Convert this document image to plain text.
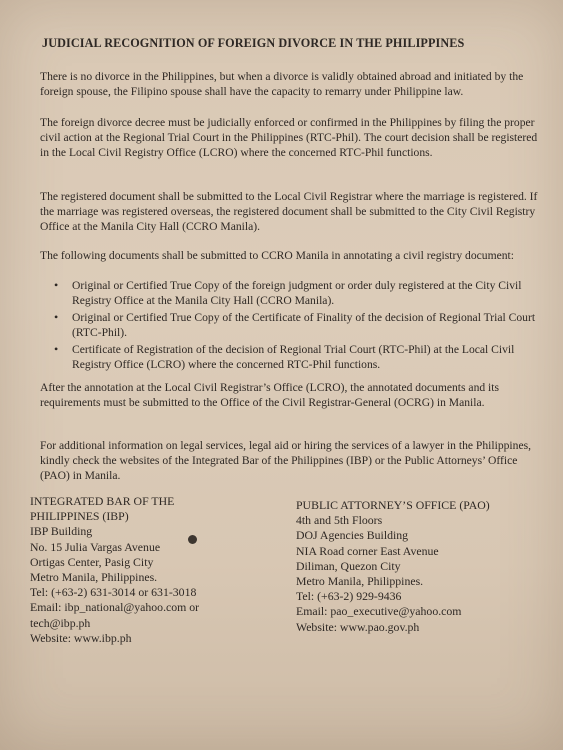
JUDICIAL RECOGNITION OF FOREIGN DIVORCE IN THE PHILIPPINES
There is no divorce in the Philippines, but when a divorce is validly obtained abroad and initiated by the foreign spouse, the Filipino spouse shall have the capacity to remarry under Philippine law.
The foreign divorce decree must be judicially enforced or confirmed in the Philippines by filing the proper civil action at the Regional Trial Court in the Philippines (RTC-Phil). The court decision shall be registered in the Local Civil Registry Office (LCRO) where the concerned RTC-Phil functions.
The registered document shall be submitted to the Local Civil Registrar where the marriage is registered. If the marriage was registered overseas, the registered document shall be submitted to the City Civil Registry Office at the Manila City Hall (CCRO Manila).
The following documents shall be submitted to CCRO Manila in annotating a civil registry document:
• Original or Certified True Copy of the foreign judgment or order duly registered at the City Civil Registry Office at the Manila City Hall (CCRO Manila).
• Original or Certified True Copy of the Certificate of Finality of the decision of Regional Trial Court (RTC-Phil).
• Certificate of Registration of the decision of Regional Trial Court (RTC-Phil) at the Local Civil Registry Office (LCRO) where the concerned RTC-Phil functions.
After the annotation at the Local Civil Registrar’s Office (LCRO), the annotated documents and its requirements must be submitted to the Office of the Civil Registrar-General (OCRG) in Manila.
For additional information on legal services, legal aid or hiring the services of a lawyer in the Philippines, kindly check the websites of the Integrated Bar of the Philippines (IBP) or the Public Attorneys’ Office (PAO) in Manila.
INTEGRATED BAR OF THE
PHILIPPINES (IBP)
IBP Building
No. 15 Julia Vargas Avenue
Ortigas Center, Pasig City
Metro Manila, Philippines.
Tel: (+63-2) 631-3014 or 631-3018
Email: ibp_national@yahoo.com or
tech@ibp.ph
Website: www.ibp.ph
PUBLIC ATTORNEY’S OFFICE (PAO)
4th and 5th Floors
DOJ Agencies Building
NIA Road corner East Avenue
Diliman, Quezon City
Metro Manila, Philippines.
Tel: (+63-2) 929-9436
Email: pao_executive@yahoo.com
Website: www.pao.gov.ph
